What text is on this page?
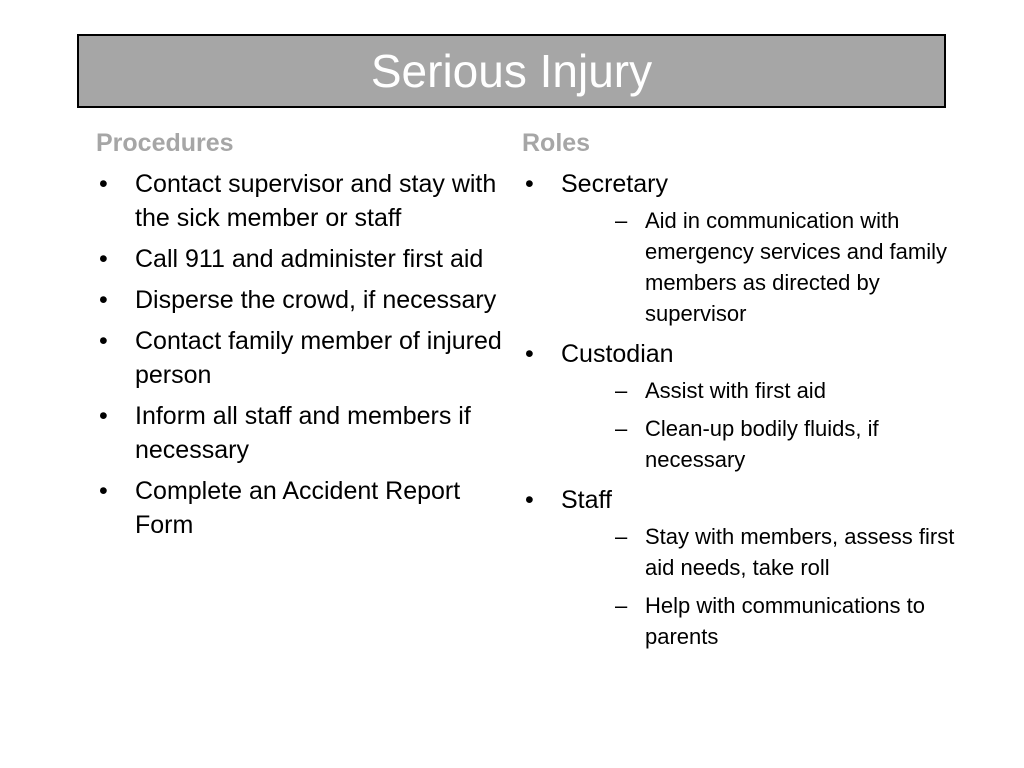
Serious Injury
Procedures
• Contact supervisor and stay with the sick member or staff
• Call 911 and administer first aid
• Disperse the crowd, if necessary
• Contact family member of injured person
• Inform all staff and members if necessary
• Complete an Accident Report Form
Roles
• Secretary
– Aid in communication with emergency services and family members as directed by supervisor
• Custodian
– Assist with first aid
– Clean-up bodily fluids, if necessary
• Staff
– Stay with members, assess first aid needs, take roll
– Help with communications to parents
